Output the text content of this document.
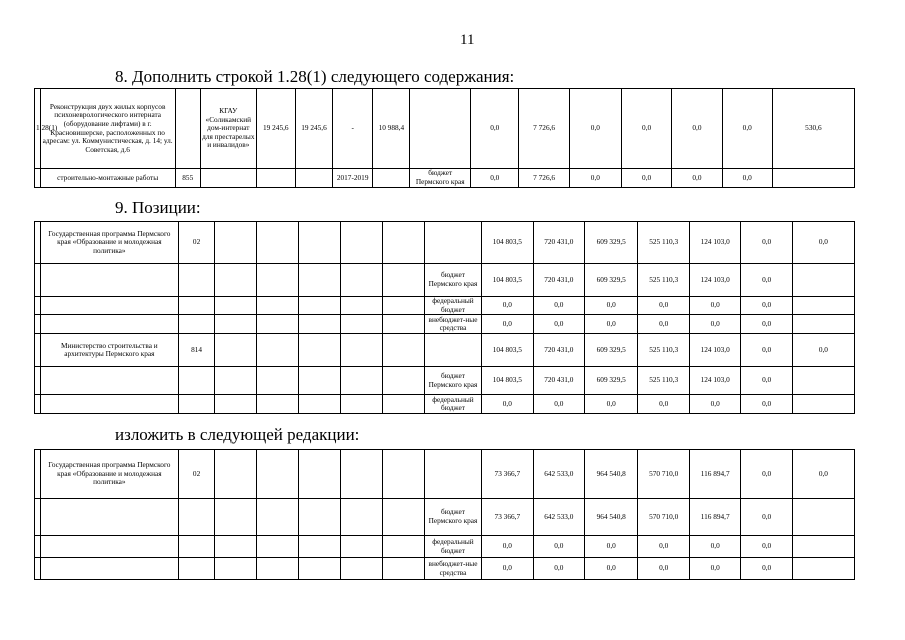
11
8. Дополнить строкой 1.28(1) следующего содержания:
1.28(1)	Реконструкция двух жилых корпусов психоневрологического интерната (оборудование лифтами) в г. Красновишерске, расположенных по адресам: ул. Коммунистическая, д. 14; ул. Советская, д.6		КГАУ «Соликамский дом-интернат для престарелых и инвалидов»	19 245,6	19 245,6	-	10 988,4		0,0	7 726,6	0,0	0,0	0,0	0,0	530,6
	строительно-монтажные работы	855				2017-2019		бюджет Пермского края	0,0	7 726,6	0,0	0,0	0,0	0,0	
9. Позиции:
	Государственная программа Пермского края «Образование и молодежная политика»	02							104 803,5	720 431,0	609 329,5	525 110,3	124 103,0	0,0	0,0
								бюджет Пермского края	104 803,5	720 431,0	609 329,5	525 110,3	124 103,0	0,0	
								федеральный бюджет	0,0	0,0	0,0	0,0	0,0	0,0	
								внебюджет-ные средства	0,0	0,0	0,0	0,0	0,0	0,0	
	Министерство строительства и архитектуры Пермского края	814							104 803,5	720 431,0	609 329,5	525 110,3	124 103,0	0,0	0,0
								бюджет Пермского края	104 803,5	720 431,0	609 329,5	525 110,3	124 103,0	0,0	
								федеральный бюджет	0,0	0,0	0,0	0,0	0,0	0,0	
изложить в следующей редакции:
	Государственная программа Пермского края «Образование и молодежная политика»	02							73 366,7	642 533,0	964 540,8	570 710,0	116 894,7	0,0	0,0
								бюджет Пермского края	73 366,7	642 533,0	964 540,8	570 710,0	116 894,7	0,0	
								федеральный бюджет	0,0	0,0	0,0	0,0	0,0	0,0	
								внебюджет-ные средства	0,0	0,0	0,0	0,0	0,0	0,0	
